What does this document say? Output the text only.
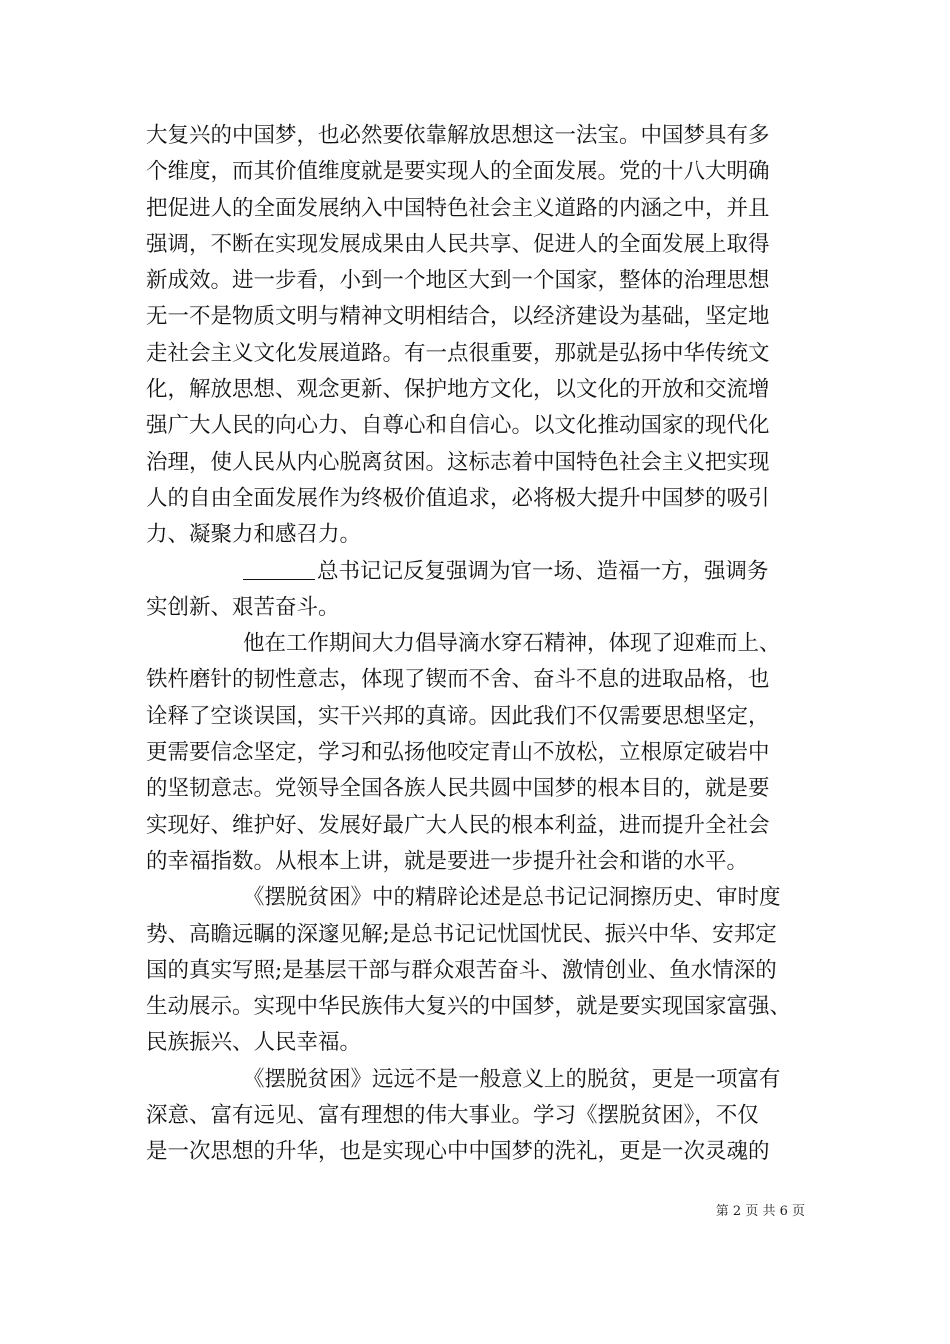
大复兴的中国梦，也必然要依靠解放思想这一法宝。中国梦具有多
个维度，而其价值维度就是要实现人的全面发展。党的十八大明确
把促进人的全面发展纳入中国特色社会主义道路的内涵之中，并且
强调，不断在实现发展成果由人民共享、促进人的全面发展上取得
新成效。进一步看，小到一个地区大到一个国家，整体的治理思想
无一不是物质文明与精神文明相结合，以经济建设为基础，坚定地
走社会主义文化发展道路。有一点很重要，那就是弘扬中华传统文
化，解放思想、观念更新、保护地方文化，以文化的开放和交流增
强广大人民的向心力、自尊心和自信心。以文化推动国家的现代化
治理，使人民从内心脱离贫困。这标志着中国特色社会主义把实现
人的自由全面发展作为终极价值追求，必将极大提升中国梦的吸引
力、凝聚力和感召力。
总书记记反复强调为官一场、造福一方，强调务
实创新、艰苦奋斗。
他在工作期间大力倡导滴水穿石精神，体现了迎难而上、
铁杵磨针的韧性意志，体现了锲而不舍、奋斗不息的进取品格，也
诠释了空谈误国，实干兴邦的真谛。因此我们不仅需要思想坚定，
更需要信念坚定，学习和弘扬他咬定青山不放松，立根原定破岩中
的坚韧意志。党领导全国各族人民共圆中国梦的根本目的，就是要
实现好、维护好、发展好最广大人民的根本利益，进而提升全社会
的幸福指数。从根本上讲，就是要进一步提升社会和谐的水平。
《摆脱贫困》中的精辟论述是总书记记洞擦历史、审时度
势、高瞻远瞩的深邃见解;是总书记记忧国忧民、振兴中华、安邦定
国的真实写照;是基层干部与群众艰苦奋斗、激情创业、鱼水情深的
生动展示。实现中华民族伟大复兴的中国梦，就是要实现国家富强、
民族振兴、人民幸福。
《摆脱贫困》远远不是一般意义上的脱贫，更是一项富有
深意、富有远见、富有理想的伟大事业。学习《摆脱贫困》，不仅
是一次思想的升华，也是实现心中中国梦的洗礼，更是一次灵魂的
第 2 页 共 6 页
